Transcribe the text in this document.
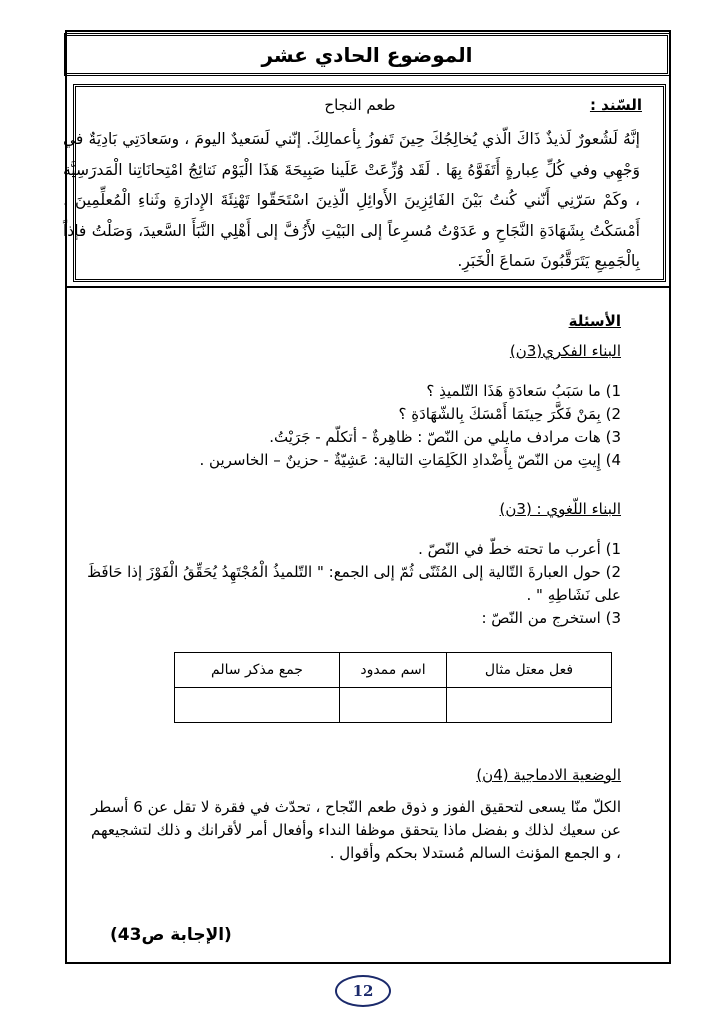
الموضوع الحادي عشر
السّند :
طعم النجاح
إنَّهُ لَشُعورٌ لَذيذٌ ذَاكَ الّذي يُخالِجُكَ حِينَ تَفوزُ بِأعمالِكَ. إنّني لَسَعيدٌ اليومَ ، وسَعادَتِي بَادِيَةٌ في وَجْهِي وفي كُلِّ عِبارةٍ أَتَفَوَّهُ بِهَا . لَقَد وُزِّعَتْ عَلَينا صَبِيحَةَ هَذَا الْيَوْم نَتائِجُ امْتِحانَاتِنا الْمَدرَسِيَّة ، وكَمْ سَرّنِي أَنّني كُنتُ بَيْنَ الفَائِزِينَ الأَوائِلِ الّذِينَ اسْتَحَقّوا تَهْنِئَةَ الإِدارَةِ وثَناءِ الْمُعلِّمِينَ . أَمْسَكْتُ بِشَهَادَةِ النَّجَاحِ و عَدَوْتُ مُسرِعاً إلى البَيْتِ لأَزُفَّ إلى أَهْلِي النَّبَأَ السَّعيدَ، وَصَلْتُ فإذاً بِالْجَمِيعِ يَتَرَقَّبُونَ سَماعَ الْخَبَرِ.
الأسئلة
البناء الفكري(3ن)
1) ما سَبَبُ سَعادَةِ هَذَا التّلميذِ ؟
2) بِمَنْ فَكَّرَ حِينَمَا أَمْسَكَ بِالشّهَادَةِ ؟
3) هات مرادف مايلي من النّصّ : ظاهِرةٌ - أتكلّم - جَرَيْتُ.
4) إِيتِ من النّصّ بِأَضْدادِ الكَلِمَاتِ التالية: عَشِيّةٌ - حزينٌ – الخاسرين .
البناء اللّغوي : (3ن)
1) أعرب ما تحته خطّ في النّصّ .
2) حول العبارةَ التّالية إلى المُثَنّى ثُمّ إلى الجمع: " التّلميذُ الْمُجْتَهِدُ يُحَقِّقُ الْفَوْزَ إذا حَافَظَ على نَشَاطِهِ " .
3) استخرج من النّصّ :
فعل معتل مثال	اسم ممدود	جمع مذكر سالم

الوضعية الادماجية (4ن)
الكلّ منّا يسعى لتحقيق الفوز و ذوق طعم النّجاح ، تحدّث في فقرة لا تقل عن 6 أسطر عن سعيك لذلك و بفضل ماذا يتحقق موظفا النداء وأفعال أمر لأقرانك و ذلك لتشجيعهم ، و الجمع المؤنث السالم مُستدلا بحكم وأقوال .
(الإجابة ص43)
12
